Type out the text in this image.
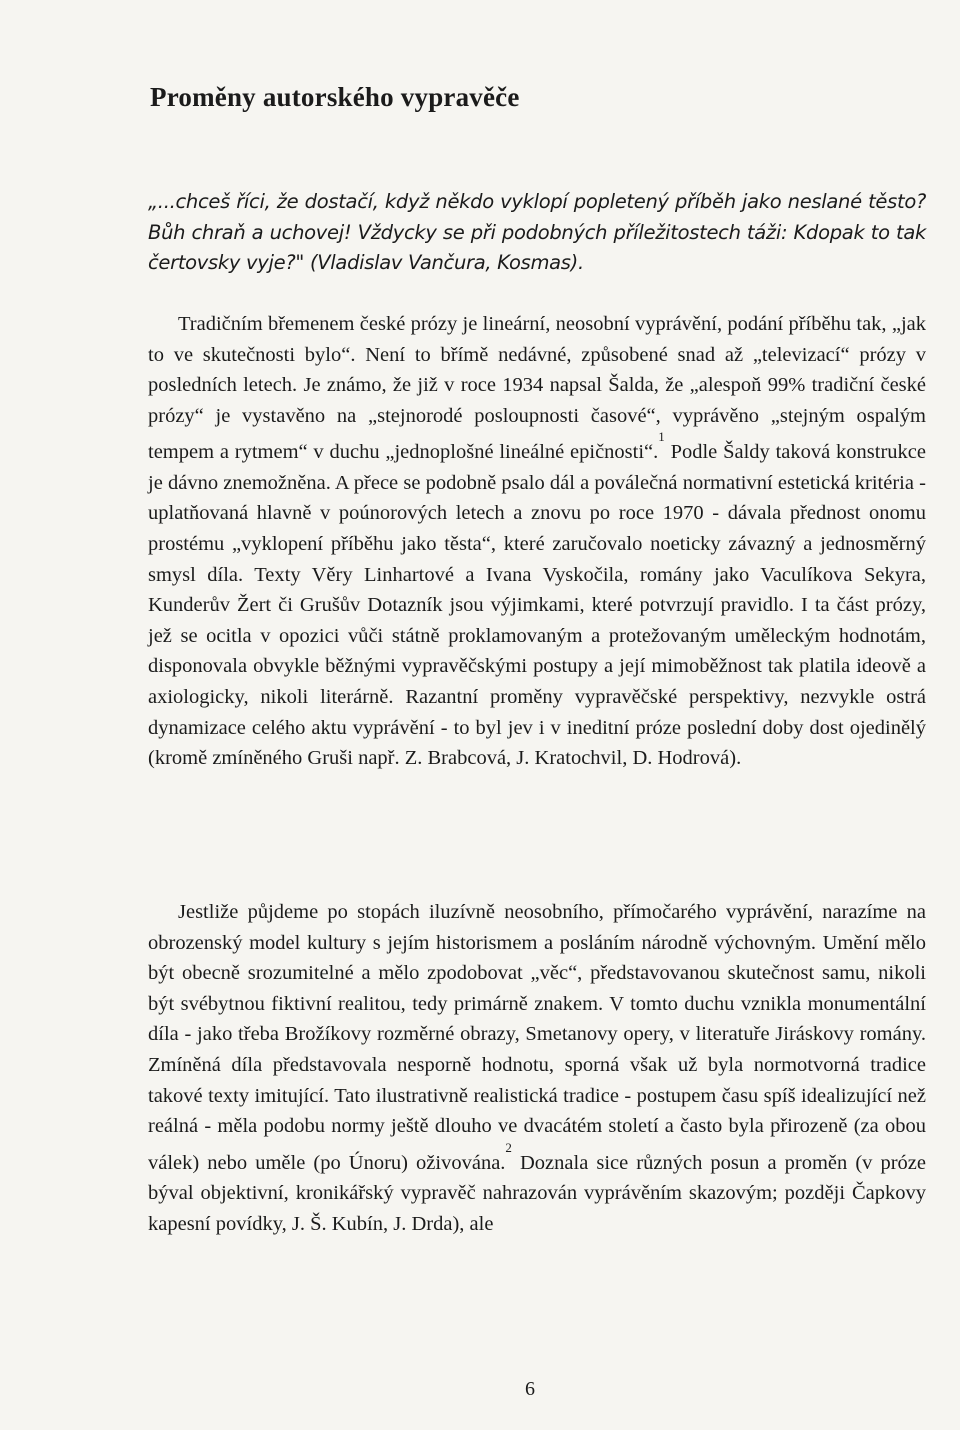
Proměny autorského vypravěče

„...chceš říci, že dostačí, když někdo vyklopí popletený příběh jako neslané těsto? Bůh chraň a uchovej! Vždycky se při podobných příležitostech táži: Kdopak to tak čertovsky vyje?" (Vladislav Vančura, Kosmas).

Tradičním břemenem české prózy je lineární, neosobní vyprávění, podání příběhu tak, „jak to ve skutečnosti bylo“. Není to břímě nedávné, způsobené snad až „televizací“ prózy v posledních letech. Je známo, že již v roce 1934 napsal Šalda, že „alespoň 99% tradiční české prózy“ je vystavěno na „stejnorodé posloupnosti časové“, vyprávěno „stejným ospalým tempem a rytmem“ v duchu „jednoplošné lineálné epičnosti“.$^1$ Podle Šaldy taková konstrukce je dávno znemožněna. A přece se podobně psalo dál a poválečná normativní estetická kritéria - uplatňovaná hlavně v poúnorových letech a znovu po roce 1970 - dávala přednost onomu prostému „vyklopení příběhu jako těsta“, které zaručovalo noeticky závazný a jednosměrný smysl díla. Texty Věry Linhartové a Ivana Vyskočila, romány jako Vaculíkova Sekyra, Kunderův Žert či Grušův Dotazník jsou výjimkami, které potvrzují pravidlo. I ta část prózy, jež se ocitla v opozici vůči státně proklamovaným a protežovaným uměleckým hodnotám, disponovala obvykle běžnými vypravěčskými postupy a její mimoběžnost tak platila ideově a axiologicky, nikoli literárně. Razantní proměny vypravěčské perspektivy, nezvykle ostrá dynamizace celého aktu vyprávění - to byl jev i v ineditní próze poslední doby dost ojedinělý (kromě zmíněného Gruši např. Z. Brabcová, J. Kratochvil, D. Hodrová).

Jestliže půjdeme po stopách iluzívně neosobního, přímočarého vyprávění, narazíme na obrozenský model kultury s jejím historismem a posláním národně výchovným. Umění mělo být obecně srozumitelné a mělo zpodobovat „věc“, představovanou skutečnost samu, nikoli být svébytnou fiktivní realitou, tedy primárně znakem. V tomto duchu vznikla monumentální díla - jako třeba Brožíkovy rozměrné obrazy, Smetanovy opery, v literatuře Jiráskovy romány. Zmíněná díla představovala nesporně hodnotu, sporná však už byla normotvorná tradice takové texty imitující. Tato ilustrativně realistická tradice - postupem času spíš idealizující než reálná - měla podobu normy ještě dlouho ve dvacátém století a často byla přirozeně (za obou válek) nebo uměle (po Únoru) oživována.$^2$ Doznala sice různých posun a proměn (v próze býval objektivní, kronikářský vypravěč nahrazován vyprávěním skazovým; později Čapkovy kapesní povídky, J. Š. Kubín, J. Drda), ale

6
